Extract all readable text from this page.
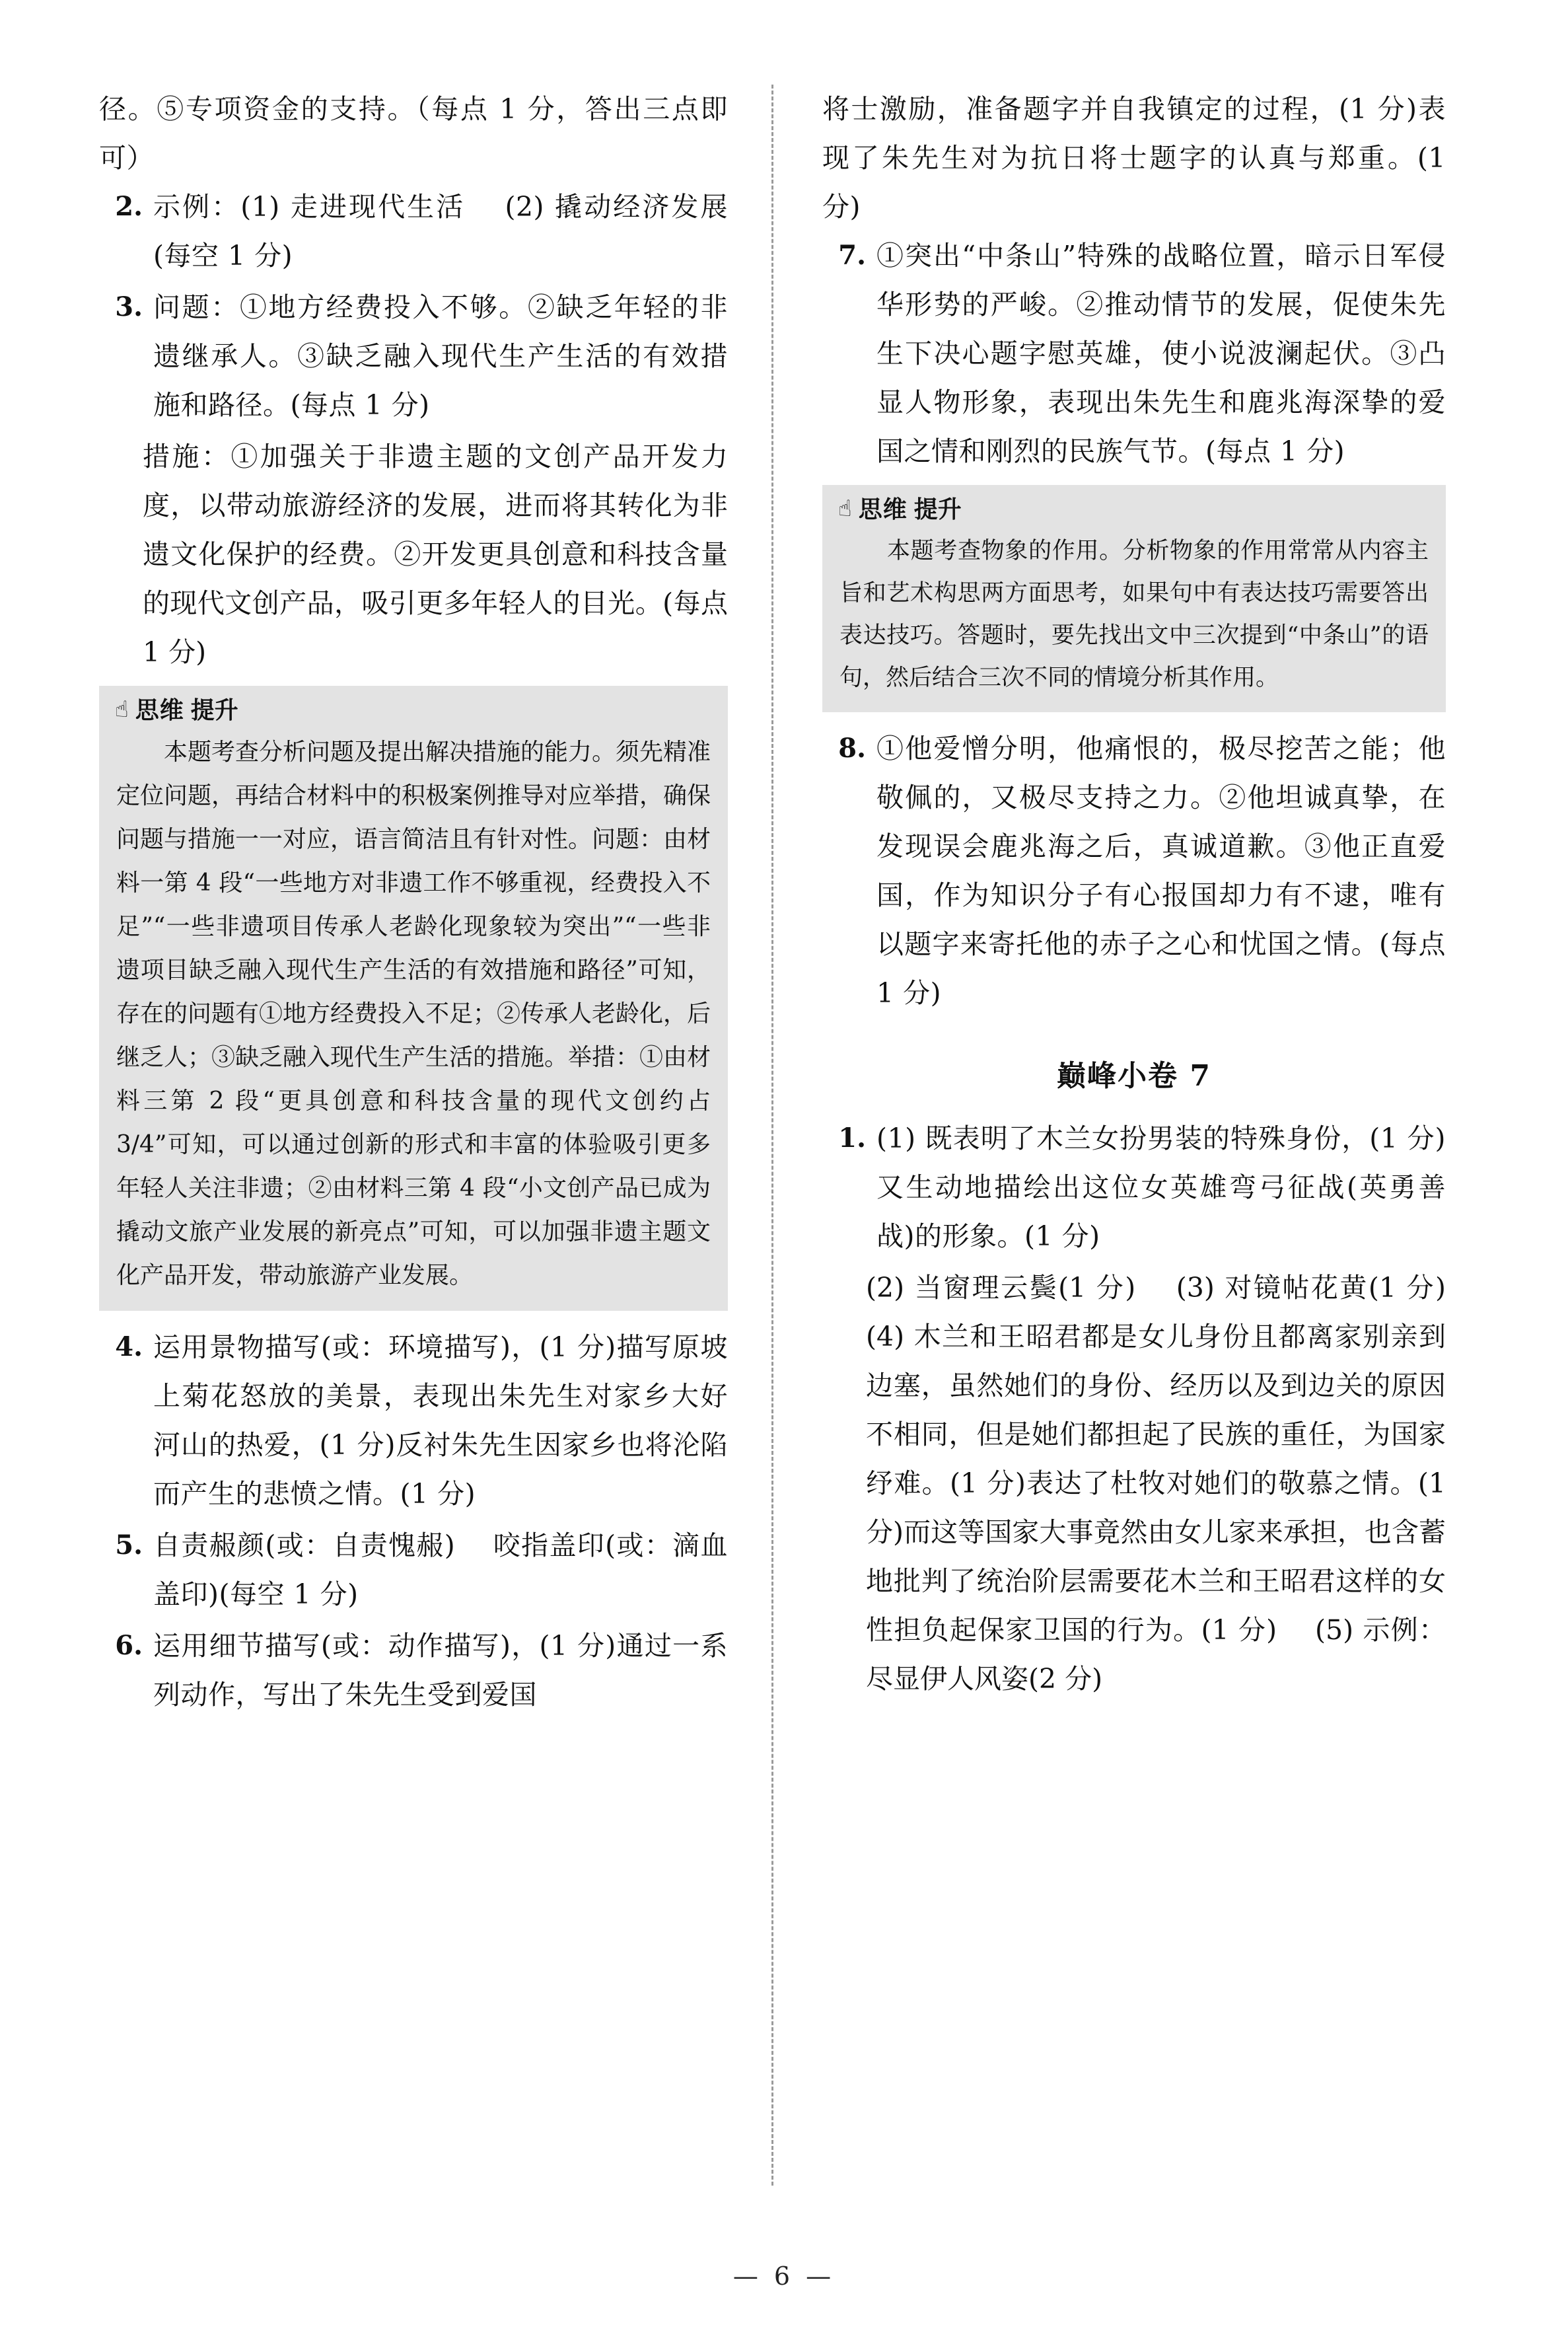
径。⑤专项资金的支持。（每点 1 分，答出三点即可）
2. 示例：(1) 走进现代生活　 (2) 撬动经济发展(每空 1 分)
3. 问题：①地方经费投入不够。②缺乏年轻的非遗继承人。③缺乏融入现代生产生活的有效措施和路径。(每点 1 分)
措施：①加强关于非遗主题的文创产品开发力度，以带动旅游经济的发展，进而将其转化为非遗文化保护的经费。②开发更具创意和科技含量的现代文创产品，吸引更多年轻人的目光。(每点 1 分)
☝ 思维 提升
本题考查分析问题及提出解决措施的能力。须先精准定位问题，再结合材料中的积极案例推导对应举措，确保问题与措施一一对应，语言简洁且有针对性。问题：由材料一第 4 段“一些地方对非遗工作不够重视，经费投入不足”“一些非遗项目传承人老龄化现象较为突出”“一些非遗项目缺乏融入现代生产生活的有效措施和路径”可知，存在的问题有①地方经费投入不足；②传承人老龄化，后继乏人；③缺乏融入现代生产生活的措施。举措：①由材料三第 2 段“更具创意和科技含量的现代文创约占 3/4”可知，可以通过创新的形式和丰富的体验吸引更多年轻人关注非遗；②由材料三第 4 段“小文创产品已成为撬动文旅产业发展的新亮点”可知，可以加强非遗主题文化产品开发，带动旅游产业发展。
4. 运用景物描写(或：环境描写)，(1 分)描写原坡上菊花怒放的美景，表现出朱先生对家乡大好河山的热爱，(1 分)反衬朱先生因家乡也将沦陷而产生的悲愤之情。(1 分)
5. 自责赧颜(或：自责愧赧)　 咬指盖印(或：滴血盖印)(每空 1 分)
6. 运用细节描写(或：动作描写)，(1 分)通过一系列动作，写出了朱先生受到爱国
将士激励，准备题字并自我镇定的过程，(1 分)表现了朱先生对为抗日将士题字的认真与郑重。(1 分)
7. ①突出“中条山”特殊的战略位置，暗示日军侵华形势的严峻。②推动情节的发展，促使朱先生下决心题字慰英雄，使小说波澜起伏。③凸显人物形象，表现出朱先生和鹿兆海深挚的爱国之情和刚烈的民族气节。(每点 1 分)
☝ 思维 提升
本题考查物象的作用。分析物象的作用常常从内容主旨和艺术构思两方面思考，如果句中有表达技巧需要答出表达技巧。答题时，要先找出文中三次提到“中条山”的语句，然后结合三次不同的情境分析其作用。
8. ①他爱憎分明，他痛恨的，极尽挖苦之能；他敬佩的，又极尽支持之力。②他坦诚真挚，在发现误会鹿兆海之后，真诚道歉。③他正直爱国，作为知识分子有心报国却力有不逮，唯有以题字来寄托他的赤子之心和忧国之情。(每点 1 分)
巅峰小卷 7
1. (1) 既表明了木兰女扮男装的特殊身份，(1 分)又生动地描绘出这位女英雄弯弓征战(英勇善战)的形象。(1 分)
(2) 当窗理云鬓(1 分)　 (3) 对镜帖花黄(1 分)　 (4) 木兰和王昭君都是女儿身份且都离家别亲到边塞，虽然她们的身份、经历以及到边关的原因不相同，但是她们都担起了民族的重任，为国家纾难。(1 分)表达了杜牧对她们的敬慕之情。(1 分)而这等国家大事竟然由女儿家来承担，也含蓄地批判了统治阶层需要花木兰和王昭君这样的女性担负起保家卫国的行为。(1 分)　 (5) 示例：尽显伊人风姿(2 分)
— 6 —
